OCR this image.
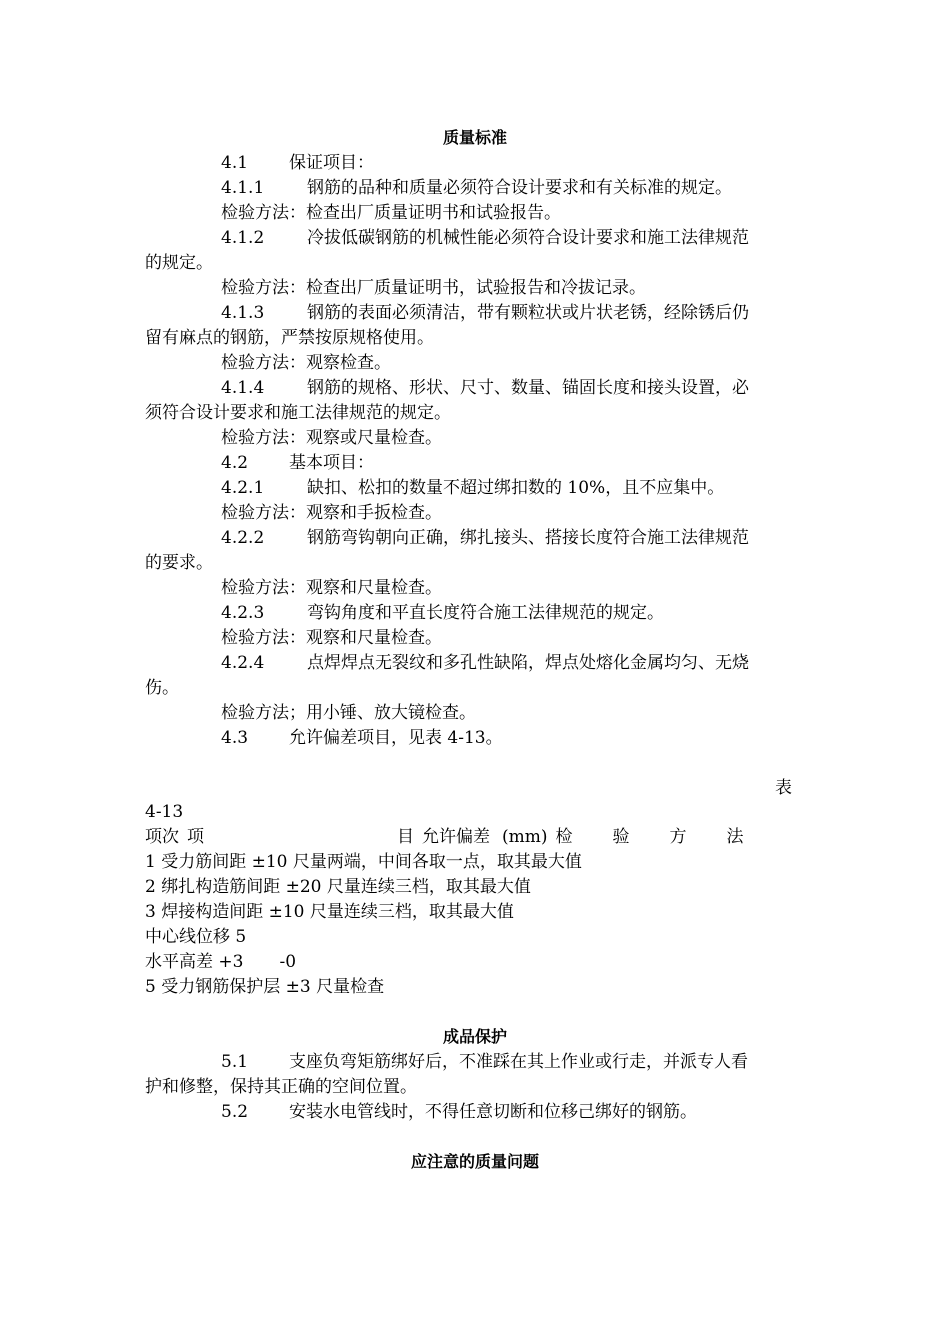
质量标准
4.1 保证项目：
4.1.1	钢筋的品种和质量必须符合设计要求和有关标准的规定。
检验方法：检查出厂质量证明书和试验报告。
4.1.2	冷拔低碳钢筋的机械性能必须符合设计要求和施工法律规范
的规定。
检验方法：检查出厂质量证明书，试验报告和冷拔记录。
4.1.3	钢筋的表面必须清洁，带有颗粒状或片状老锈，经除锈后仍
留有麻点的钢筋，严禁按原规格使用。
检验方法：观察检查。
4.1.4	钢筋的规格、形状、尺寸、数量、锚固长度和接头设置，必
须符合设计要求和施工法律规范的规定。
检验方法：观察或尺量检查。
4.2 基本项目：
4.2.1	缺扣、松扣的数量不超过绑扣数的 10%，且不应集中。
检验方法：观察和手扳检查。
4.2.2	钢筋弯钩朝向正确，绑扎接头、搭接长度符合施工法律规范
的要求。
检验方法：观察和尺量检查。
4.2.3	弯钩角度和平直长度符合施工法律规范的规定。
检验方法：观察和尺量检查。
4.2.4	点焊焊点无裂纹和多孔性缺陷，焊点处熔化金属均匀、无烧
伤。
检验方法；用小锤、放大镜检查。
4.3 允许偏差项目，见表 4-13。
表
4-13
项次 项	目 允许偏差 (mm) 检 验 方 法
1 受力筋间距 ±10 尺量两端，中间各取一点，取其最大值
2 绑扎构造筋间距 ±20 尺量连续三档，取其最大值
3 焊接构造间距 ±10 尺量连续三档，取其最大值
中心线位移 5
水平高差 +3 -0
5 受力钢筋保护层 ±3 尺量检查
成品保护
5.1 支座负弯矩筋绑好后，不准踩在其上作业或行走，并派专人看
护和修整，保持其正确的空间位置。
5.2 安装水电管线时，不得任意切断和位移己绑好的钢筋。
应注意的质量问题
